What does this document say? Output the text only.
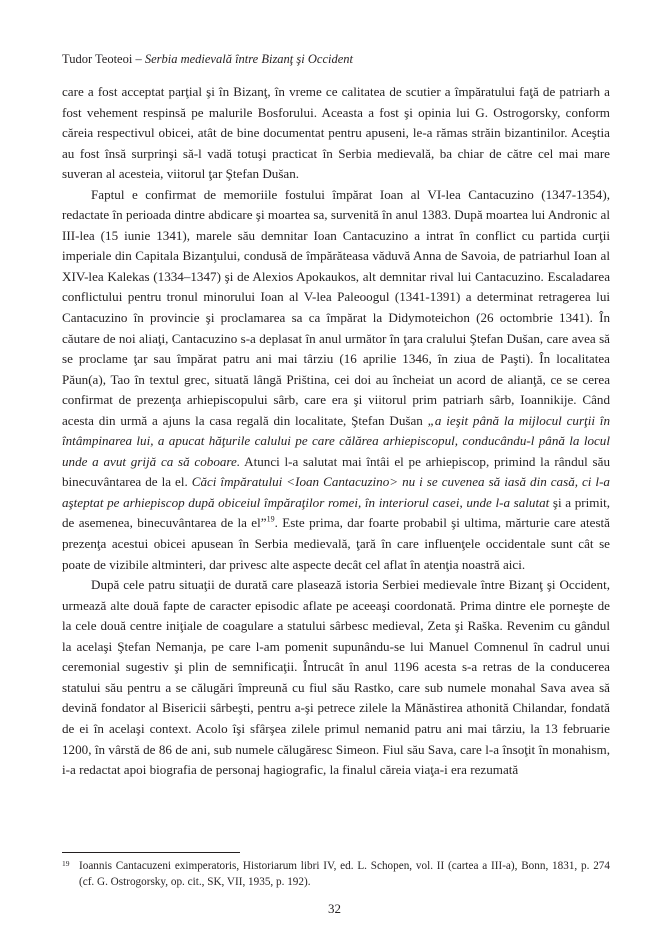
Tudor Teoteoi – Serbia medievală între Bizanţ şi Occident

care a fost acceptat parţial şi în Bizanţ, în vreme ce calitatea de scutier a împăratului faţă de patriarh a fost vehement respinsă pe malurile Bosforului. Aceasta a fost şi opinia lui G. Ostrogorsky, conform căreia respectivul obicei, atât de bine documentat pentru apuseni, le-a rămas străin bizantinilor. Aceştia au fost însă surprinşi să-l vadă totuşi practicat în Serbia medievală, ba chiar de către cel mai mare suveran al acesteia, viitorul ţar Ştefan Dušan.

Faptul e confirmat de memoriile fostului împărat Ioan al VI-lea Cantacuzino (1347-1354), redactate în perioada dintre abdicare şi moartea sa, survenită în anul 1383. După moartea lui Andronic al III-lea (15 iunie 1341), marele său demnitar Ioan Cantacuzino a intrat în conflict cu partida curţii imperiale din Capitala Bizanţului, condusă de împărăteasa văduvă Anna de Savoia, de patriarhul Ioan al XIV-lea Kalekas (1334–1347) şi de Alexios Apokaukos, alt demnitar rival lui Cantacuzino. Escaladarea conflictului pentru tronul minorului Ioan al V-lea Paleoogul (1341-1391) a determinat retragerea lui Cantacuzino în provincie şi proclamarea sa ca împărat la Didymoteichon (26 octombrie 1341). În căutare de noi aliaţi, Cantacuzino s-a deplasat în anul următor în ţara cralului Ştefan Dušan, care avea să se proclame ţar sau împărat patru ani mai târziu (16 aprilie 1346, în ziua de Paşti). În localitatea Păun(a), Tao în textul grec, situată lângă Priština, cei doi au încheiat un acord de alianţă, ce se cerea confirmat de prezenţa arhiepiscopului sârb, care era şi viitorul prim patriarh sârb, Ioannikije. Când acesta din urmă a ajuns la casa regală din localitate, Ştefan Dušan „a ieşit până la mijlocul curţii în întâmpinarea lui, a apucat hăţurile calului pe care călărea arhiepiscopul, conducându-l până la locul unde a avut grijă ca să coboare. Atunci l-a salutat mai întâi el pe arhiepiscop, primind la rândul său binecuvântarea de la el. Căci împăratului <Ioan Cantacuzino> nu i se cuvenea să iasă din casă, ci l-a aşteptat pe arhiepiscop după obiceiul împăraţilor romei, în interiorul casei, unde l-a salutat şi a primit, de asemenea, binecuvântarea de la el”$^{19}$. Este prima, dar foarte probabil şi ultima, mărturie care atestă prezenţa acestui obicei apusean în Serbia medievală, ţară în care influenţele occidentale sunt cât se poate de vizibile altminteri, dar privesc alte aspecte decât cel aflat în atenţia noastră aici.

După cele patru situaţii de durată care plasează istoria Serbiei medievale între Bizanţ şi Occident, urmează alte două fapte de caracter episodic aflate pe aceeaşi coordonată. Prima dintre ele porneşte de la cele două centre iniţiale de coagulare a statului sârbesc medieval, Zeta şi Raška. Revenim cu gândul la acelaşi Ştefan Nemanja, pe care l-am pomenit supunându-se lui Manuel Comnenul în cadrul unui ceremonial sugestiv şi plin de semnificaţii. Întrucât în anul 1196 acesta s-a retras de la conducerea statului său pentru a se călugări împreună cu fiul său Rastko, care sub numele monahal Sava avea să devină fondator al Bisericii sârbeşti, pentru a-şi petrece zilele la Mănăstirea athonită Chilandar, fondată de ei în acelaşi context. Acolo îşi sfârşea zilele primul nemanid patru ani mai târziu, la 13 februarie 1200, în vârstă de 86 de ani, sub numele călugăresc Simeon. Fiul său Sava, care l-a însoţit în monahism, i-a redactat apoi biografia de personaj hagiografic, la finalul căreia viaţa-i era rezumată

19 Ioannis Cantacuzeni eximperatoris, Historiarum libri IV, ed. L. Schopen, vol. II (cartea a III-a), Bonn, 1831, p. 274 (cf. G. Ostrogorsky, op. cit., SK, VII, 1935, p. 192).
32
